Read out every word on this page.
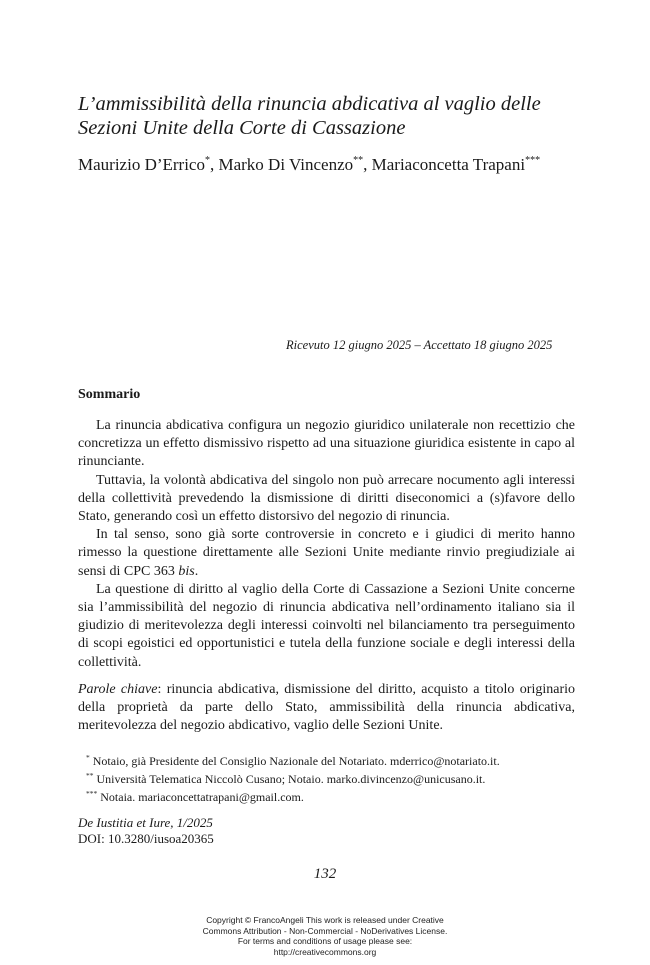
L’ammissibilità della rinuncia abdicativa al vaglio delle
Sezioni Unite della Corte di Cassazione
Maurizio D’Errico*, Marko Di Vincenzo**, Mariaconcetta Trapani***
Ricevuto 12 giugno 2025 – Accettato 18 giugno 2025
Sommario

La rinuncia abdicativa configura un negozio giuridico unilaterale non recettizio che concretizza un effetto dismissivo rispetto ad una situazione giuridica esistente in capo al rinunciante.

Tuttavia, la volontà abdicativa del singolo non può arrecare nocumento agli interessi della collettività prevedendo la dismissione di diritti diseconomici a (s)favore dello Stato, generando così un effetto distorsivo del negozio di rinuncia.

In tal senso, sono già sorte controversie in concreto e i giudici di merito hanno rimesso la questione direttamente alle Sezioni Unite mediante rinvio pregiudiziale ai sensi di CPC 363 bis.

La questione di diritto al vaglio della Corte di Cassazione a Sezioni Unite concerne sia l’ammissibilità del negozio di rinuncia abdicativa nell’ordinamento italiano sia il giudizio di meritevolezza degli interessi coinvolti nel bilanciamento tra perseguimento di scopi egoistici ed opportunistici e tutela della funzione sociale e degli interessi della collettività.

Parole chiave: rinuncia abdicativa, dismissione del diritto, acquisto a titolo originario della proprietà da parte dello Stato, ammissibilità della rinuncia abdicativa, meritevolezza del negozio abdicativo, vaglio delle Sezioni Unite.
* Notaio, già Presidente del Consiglio Nazionale del Notariato. mderrico@notariato.it.
** Università Telematica Niccolò Cusano; Notaio. marko.divincenzo@unicusano.it.
*** Notaia. mariaconcettatrapani@gmail.com.
De Iustitia et Iure, 1/2025
DOI: 10.3280/iusoa20365
132
Copyright © FrancoAngeli This work is released under Creative
Commons Attribution - Non-Commercial - NoDerivatives License.
For terms and conditions of usage please see:
http://creativecommons.org
